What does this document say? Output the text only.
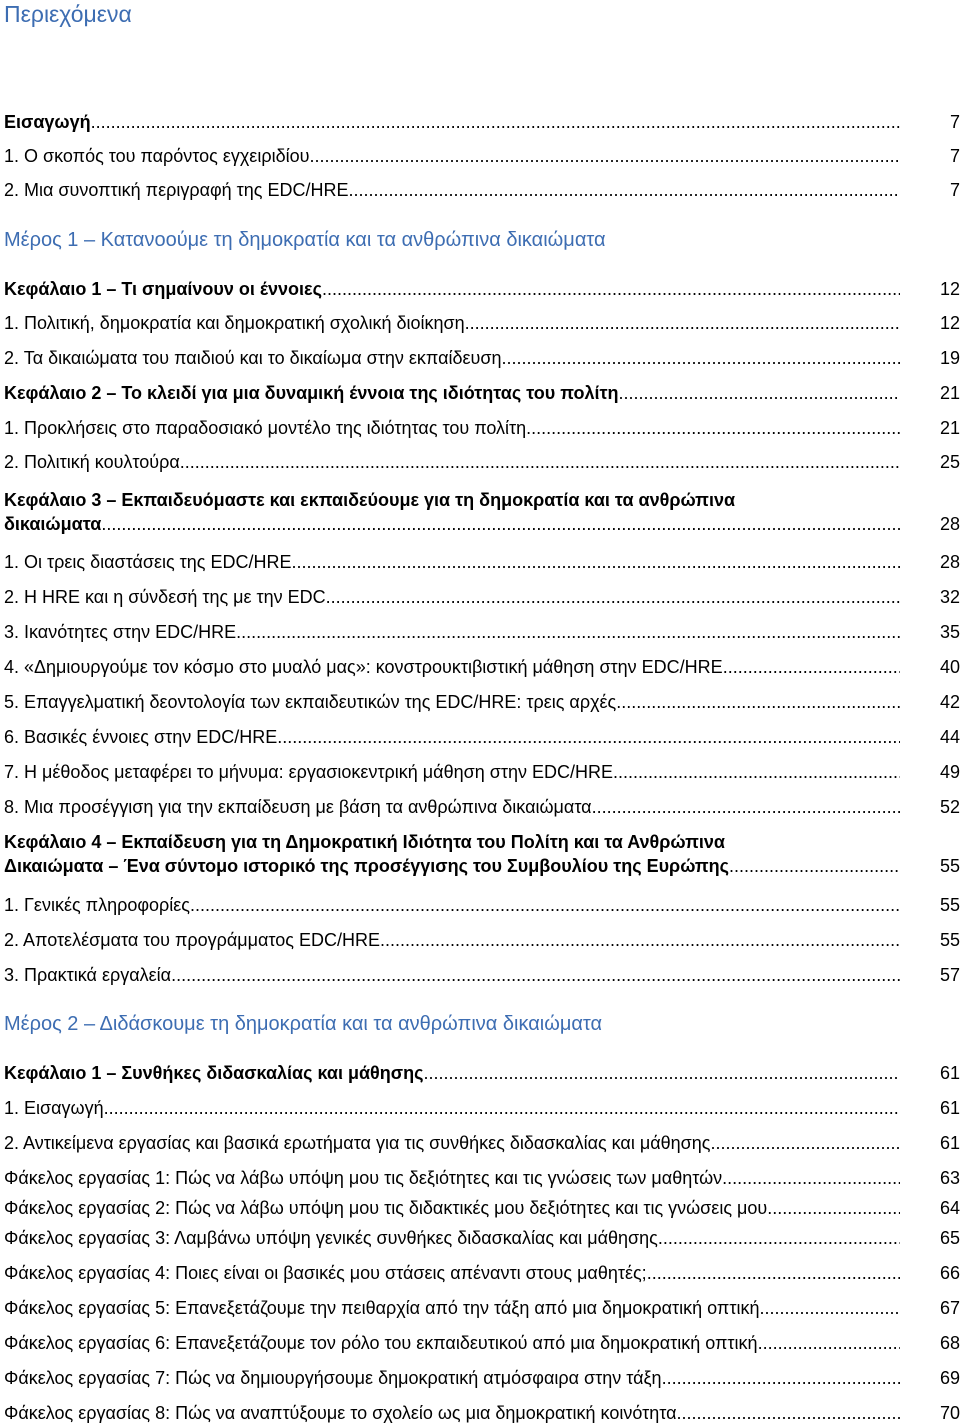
Περιεχόμενα
Εισαγωγή .....	7
1. Ο σκοπός του παρόντος εγχειριδίου .....	7
2. Μια συνοπτική περιγραφή της EDC/HRE .....	7
Μέρος 1 – Κατανοούμε τη δημοκρατία και τα ανθρώπινα δικαιώματα
Κεφάλαιο 1 – Τι σημαίνουν οι έννοιες .....	12
1. Πολιτική, δημοκρατία και δημοκρατική σχολική διοίκηση .....	12
2. Τα δικαιώματα του παιδιού και το δικαίωμα στην εκπαίδευση .....	19
Κεφάλαιο 2 – Το κλειδί για μια δυναμική έννοια της ιδιότητας του πολίτη .....	21
1. Προκλήσεις στο παραδοσιακό μοντέλο της ιδιότητας του πολίτη .....	21
2. Πολιτική κουλτούρα .....	25
Κεφάλαιο 3 – Εκπαιδευόμαστε και εκπαιδεύουμε για τη δημοκρατία και τα ανθρώπινα
δικαιώματα .....	28
1. Οι τρεις διαστάσεις της EDC/HRE .....	28
2. Η HRE και η σύνδεσή της με την EDC .....	32
3. Ικανότητες στην EDC/HRE .....	35
4. «Δημιουργούμε τον κόσμο στο μυαλό μας»: κονστρουκτιβιστική μάθηση στην EDC/HRE .....	40
5. Επαγγελματική δεοντολογία των εκπαιδευτικών της EDC/HRE: τρεις αρχές .....	42
6. Βασικές έννοιες στην EDC/HRE .....	44
7. Η μέθοδος μεταφέρει το μήνυμα: εργασιοκεντρική μάθηση στην EDC/HRE .....	49
8. Μια προσέγγιση για την εκπαίδευση με βάση τα ανθρώπινα δικαιώματα .....	52
Κεφάλαιο 4 – Εκπαίδευση για τη Δημοκρατική Ιδιότητα του Πολίτη και τα Ανθρώπινα
Δικαιώματα – Ένα σύντομο ιστορικό της προσέγγισης του Συμβουλίου της Ευρώπης .....	55
1. Γενικές πληροφορίες .....	55
2. Αποτελέσματα του προγράμματος EDC/HRE .....	55
3. Πρακτικά εργαλεία .....	57
Μέρος 2 – Διδάσκουμε τη δημοκρατία και τα ανθρώπινα δικαιώματα
Κεφάλαιο 1 – Συνθήκες διδασκαλίας και μάθησης .....	61
1. Εισαγωγή .....	61
2. Αντικείμενα εργασίας και βασικά ερωτήματα για τις συνθήκες διδασκαλίας και μάθησης .....	61
Φάκελος εργασίας 1: Πώς να λάβω υπόψη μου τις δεξιότητες και τις γνώσεις των μαθητών .....	63
Φάκελος εργασίας 2: Πώς να λάβω υπόψη μου τις διδακτικές μου δεξιότητες και τις γνώσεις μου .....	64
Φάκελος εργασίας 3: Λαμβάνω υπόψη γενικές συνθήκες διδασκαλίας και μάθησης .....	65
Φάκελος εργασίας 4: Ποιες είναι οι βασικές μου στάσεις απέναντι στους μαθητές; .....	66
Φάκελος εργασίας 5: Επανεξετάζουμε την πειθαρχία από την τάξη από μια δημοκρατική οπτική .....	67
Φάκελος εργασίας 6: Επανεξετάζουμε τον ρόλο του εκπαιδευτικού από μια δημοκρατική οπτική .....	68
Φάκελος εργασίας 7: Πώς να δημιουργήσουμε δημοκρατική ατμόσφαιρα στην τάξη .....	69
Φάκελος εργασίας 8: Πώς να αναπτύξουμε το σχολείο ως μια δημοκρατική κοινότητα .....	70
